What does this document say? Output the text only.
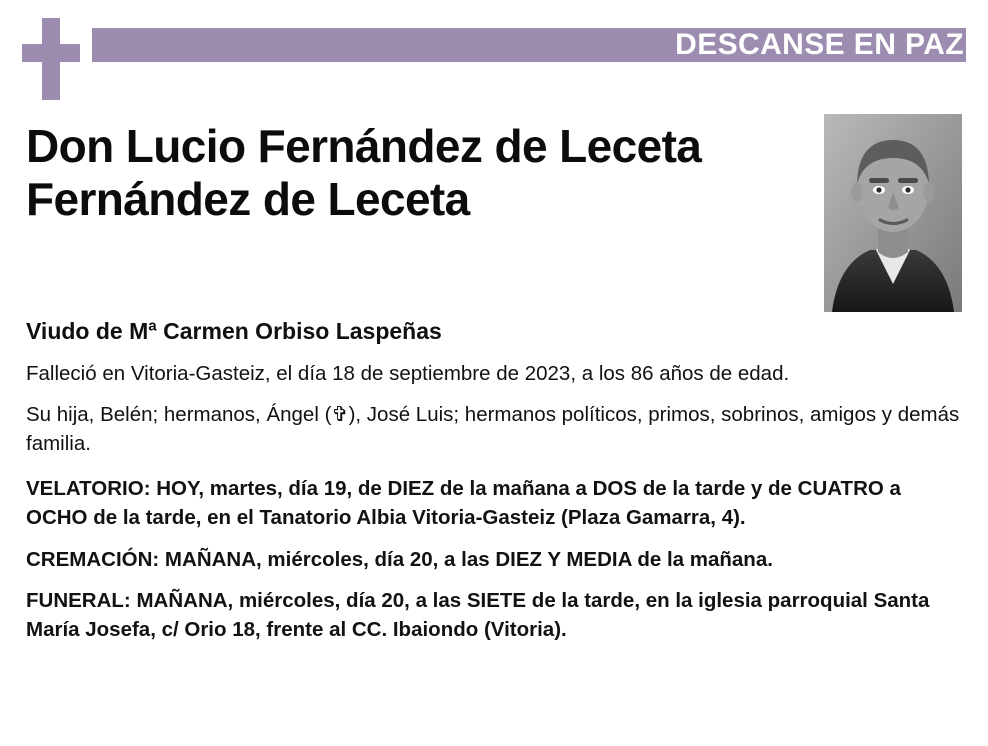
DESCANSE EN PAZ
Don Lucio Fernández de Leceta Fernández de Leceta
Viudo de Mª Carmen Orbiso Laspeñas
Falleció en Vitoria-Gasteiz, el día 18 de septiembre de 2023, a los 86 años de edad.
Su hija, Belén; hermanos, Ángel (✞), José Luis; hermanos políticos, primos, sobrinos, amigos y demás familia.
VELATORIO: HOY, martes, día 19, de DIEZ de la mañana a DOS de la tarde y de CUATRO a OCHO de la tarde, en el Tanatorio Albia Vitoria-Gasteiz (Plaza Gamarra, 4).
CREMACIÓN: MAÑANA, miércoles, día 20, a las DIEZ Y MEDIA de la mañana.
FUNERAL: MAÑANA, miércoles, día 20, a las SIETE de la tarde, en la iglesia parroquial Santa María Josefa, c/ Orio 18, frente al CC. Ibaiondo (Vitoria).
